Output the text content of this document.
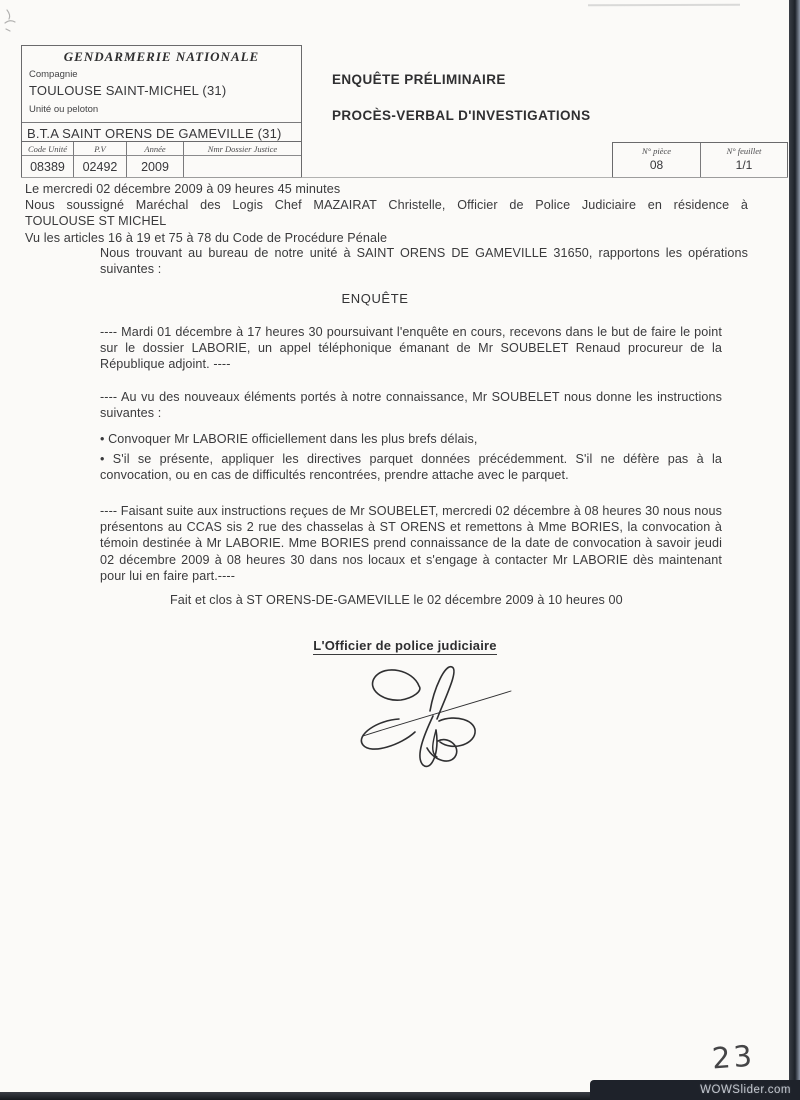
GENDARMERIE NATIONALE
Compagnie
TOULOUSE SAINT-MICHEL (31)
Unité ou peloton
B.T.A SAINT ORENS DE GAMEVILLE (31)
Code Unité	P.V	Année	Nmr Dossier Justice
08389	02492	2009
ENQUÊTE PRÉLIMINAIRE
PROCÈS-VERBAL D'INVESTIGATIONS
N° pièce	N° feuillet
08	1/1
Le mercredi 02 décembre 2009 à 09 heures 45 minutes
Nous soussigné Maréchal des Logis Chef MAZAIRAT Christelle, Officier de Police Judiciaire en résidence à
TOULOUSE ST MICHEL
Vu les articles 16 à 19 et 75 à 78 du Code de Procédure Pénale
Nous trouvant au bureau de notre unité à SAINT ORENS DE GAMEVILLE 31650, rapportons les opérations suivantes :
ENQUÊTE
---- Mardi 01 décembre à 17 heures 30 poursuivant l'enquête en cours, recevons dans le but de faire le point sur le dossier LABORIE, un appel téléphonique émanant de Mr SOUBELET Renaud procureur de la République adjoint. ----
---- Au vu des nouveaux éléments portés à notre connaissance, Mr SOUBELET nous donne les instructions suivantes :
• Convoquer Mr LABORIE officiellement dans les plus brefs délais,
• S'il se présente, appliquer les directives parquet données précédemment. S'il ne défère pas à la convocation, ou en cas de difficultés rencontrées, prendre attache avec le parquet.
---- Faisant suite aux instructions reçues de Mr SOUBELET, mercredi 02 décembre à 08 heures 30 nous nous présentons au CCAS sis 2 rue des chasselas à ST ORENS et remettons à Mme BORIES, la convocation à témoin destinée à Mr LABORIE. Mme BORIES prend connaissance de la date de convocation à savoir jeudi 02 décembre 2009 à 08 heures 30 dans nos locaux et s'engage à contacter Mr LABORIE dès maintenant pour lui en faire part.----
Fait et clos à ST ORENS-DE-GAMEVILLE le 02 décembre 2009 à 10 heures 00
L'Officier de police judiciaire
23
WOWSlider.com
